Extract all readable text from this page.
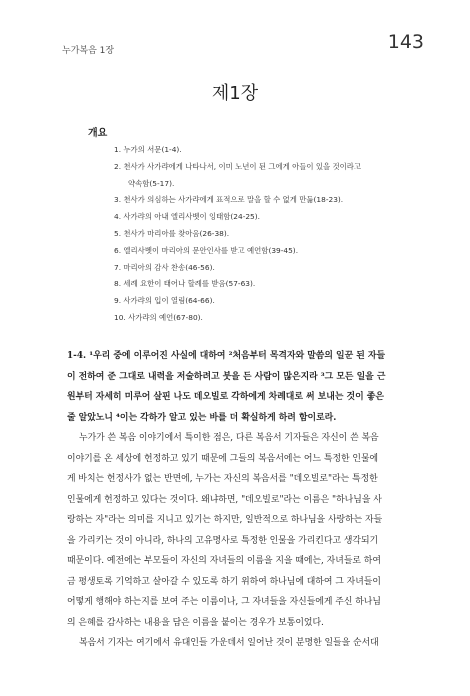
누가복음 1장	143
제1장
개요
1. 누가의 서문(1-4).
2. 천사가 사가랴에게 나타나서, 이미 노년이 된 그에게 아들이 있을 것이라고
약속함(5-17).
3. 천사가 의심하는 사가랴에게 표적으로 말을 할 수 없게 만듦(18-23).
4. 사가랴의 아내 엘리사벳이 잉태함(24-25).
5. 천사가 마리아를 찾아옴(26-38).
6. 엘리사벳이 마리아의 문안인사를 받고 예언함(39-45).
7. 마리아의 감사 찬송(46-56).
8. 세례 요한이 태어나 할례를 받음(57-63).
9. 사가랴의 입이 열림(64-66).
10. 사가랴의 예언(67-80).

1-4. ¹우리 중에 이루어진 사실에 대하여 ²처음부터 목격자와 말씀의 일꾼 된 자들
이 전하여 준 그대로 내력을 저술하려고 붓을 든 사람이 많은지라 ³그 모든 일을 근
원부터 자세히 미루어 살핀 나도 데오빌로 각하에게 차례대로 써 보내는 것이 좋은
줄 알았노니 ⁴이는 각하가 알고 있는 바를 더 확실하게 하려 함이로라.

누가가 쓴 복음 이야기에서 특이한 점은, 다른 복음서 기자들은 자신이 쓴 복음
이야기를 온 세상에 헌정하고 있기 때문에 그들의 복음서에는 어느 특정한 인물에
게 바치는 헌정사가 없는 반면에, 누가는 자신의 복음서를 "데오빌로"라는 특정한
인물에게 헌정하고 있다는 것이다. 왜냐하면, "데오빌로"라는 이름은 "하나님을 사
랑하는 자"라는 의미를 지니고 있기는 하지만, 일반적으로 하나님을 사랑하는 자들
을 가리키는 것이 아니라, 하나의 고유명사로 특정한 인물을 가리킨다고 생각되기
때문이다. 예전에는 부모들이 자신의 자녀들의 이름을 지을 때에는, 자녀들로 하여
금 평생토록 기억하고 살아갈 수 있도록 하기 위하여 하나님에 대하여 그 자녀들이
어떻게 행해야 하는지를 보여 주는 이름이나, 그 자녀들을 자신들에게 주신 하나님
의 은혜를 감사하는 내용을 담은 이름을 붙이는 경우가 보통이었다.

복음서 기자는 여기에서 유대인들 가운데서 일어난 것이 분명한 일들을 순서대
